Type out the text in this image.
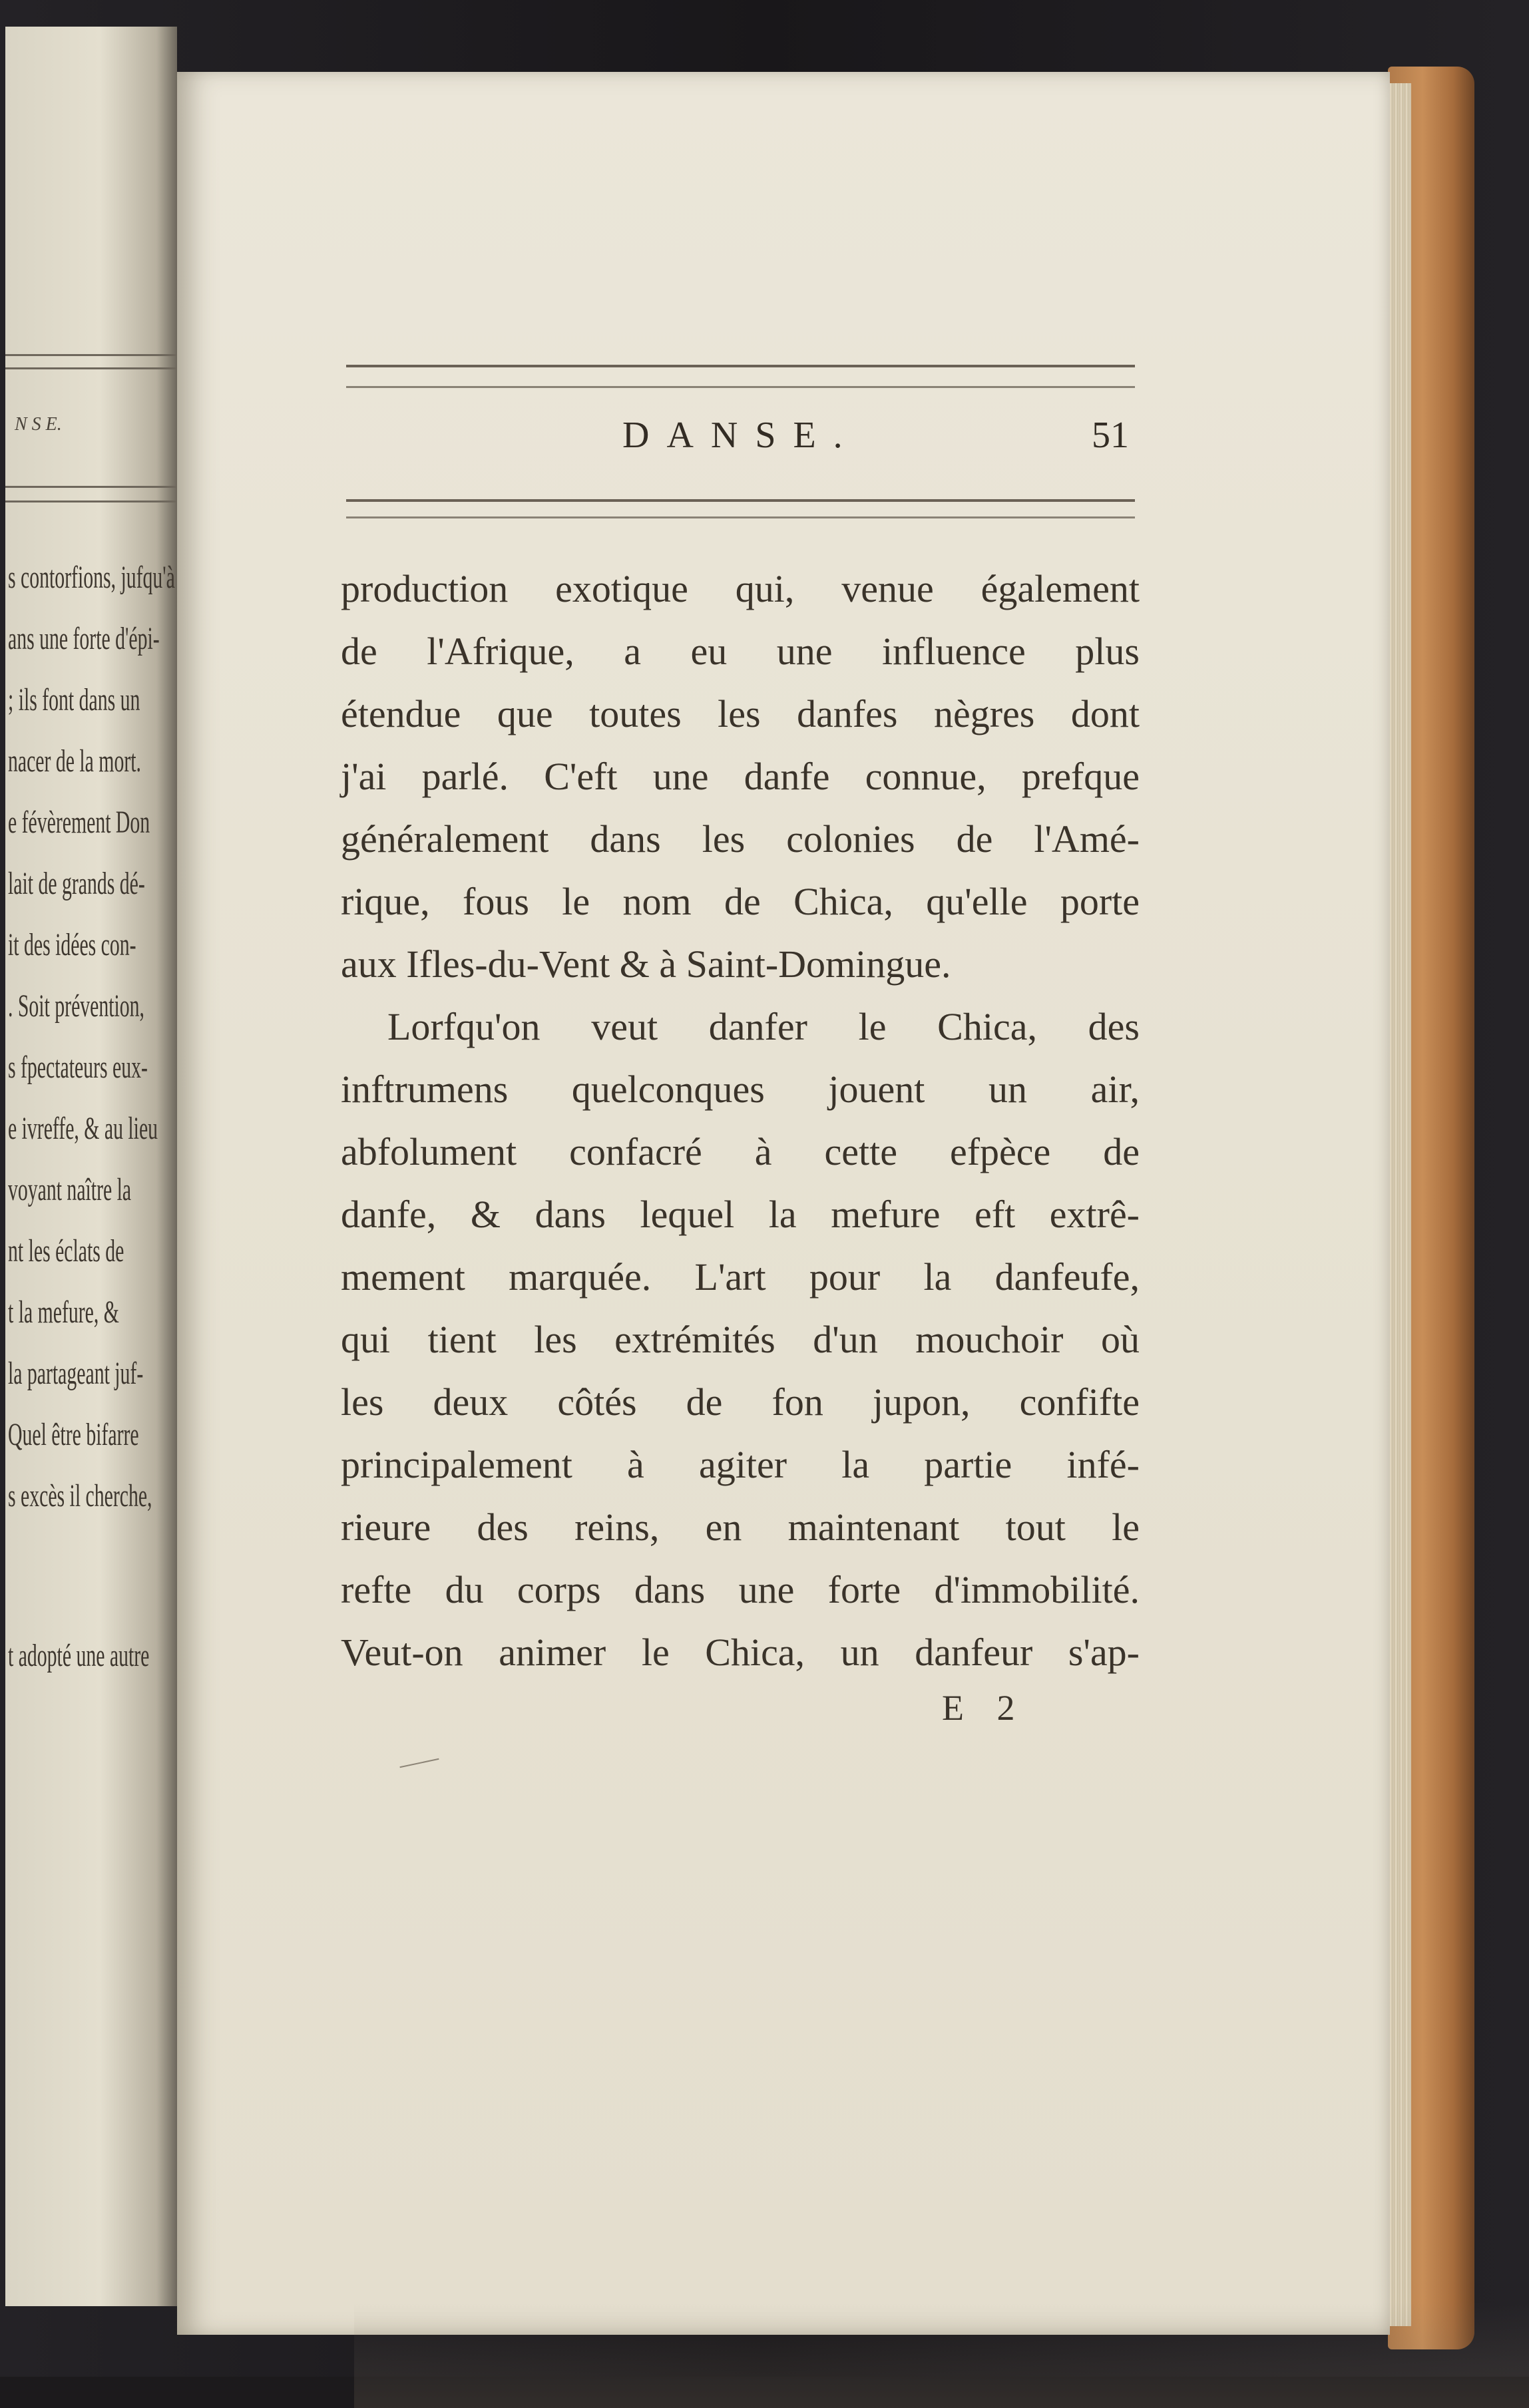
N S E.
s contorfions, jufqu'à
ans une forte d'épi-
; ils font dans un
nacer de la mort.
e févèrement Don
lait de grands dé-
it des idées con-
. Soit prévention,
s fpectateurs eux-
e ivreffe, & au lieu
voyant naître la
nt les éclats de
t la mefure, &
la partageant juf-
Quel être bifarre
s excès il cherche,
t adopté une autre
DANSE.	51
production exotique qui, venue également
de l'Afrique, a eu une influence plus
étendue que toutes les danfes nègres dont
j'ai parlé. C'eft une danfe connue, prefque
généralement dans les colonies de l'Amé-
rique, fous le nom de Chica, qu'elle porte
aux Ifles-du-Vent & à Saint-Domingue.
Lorfqu'on veut danfer le Chica, des
inftrumens quelconques jouent un air,
abfolument confacré à cette efpèce de
danfe, & dans lequel la mefure eft extrê-
mement marquée. L'art pour la danfeufe,
qui tient les extrémités d'un mouchoir où
les deux côtés de fon jupon, confifte
principalement à agiter la partie infé-
rieure des reins, en maintenant tout le
refte du corps dans une forte d'immobilité.
Veut-on animer le Chica, un danfeur s'ap-
E 2
